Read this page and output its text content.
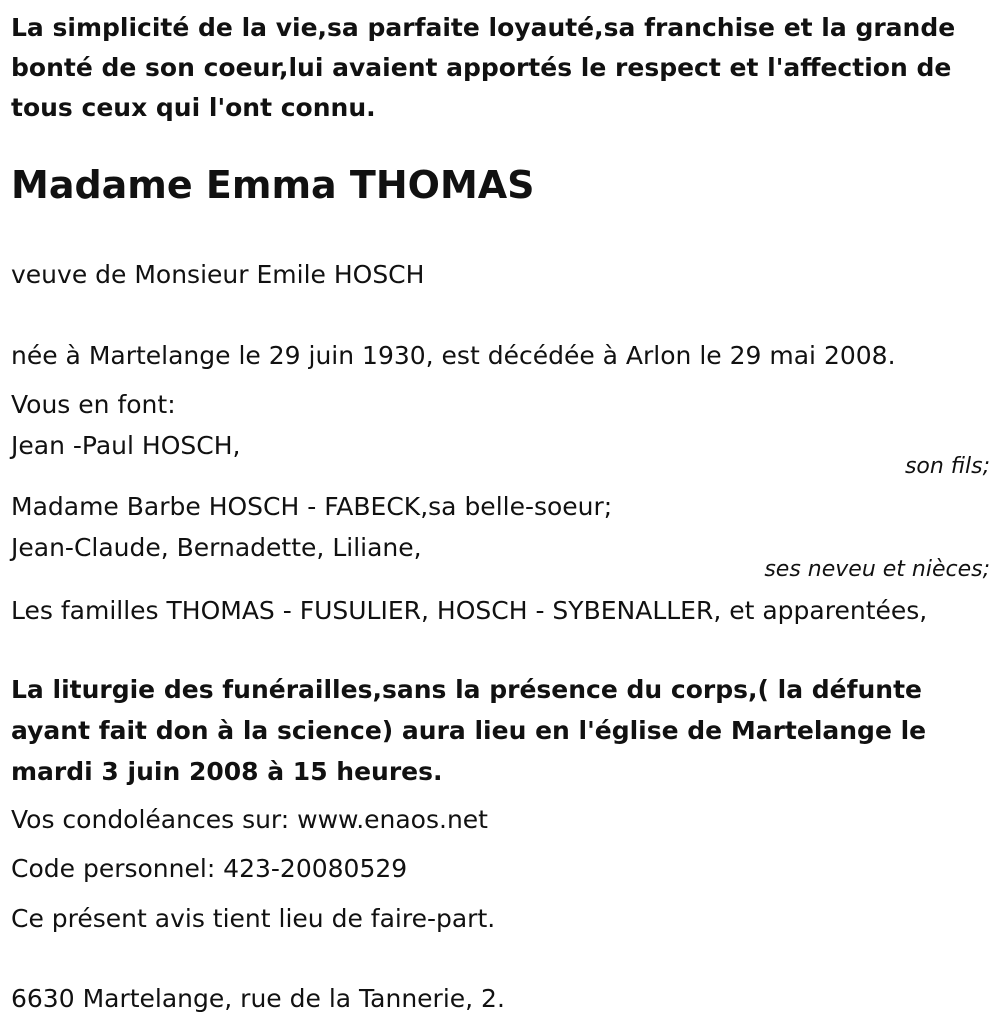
La simplicité de la vie,sa parfaite loyauté,sa franchise et la grande bonté de son coeur,lui avaient apportés le respect et l'affection de tous ceux qui l'ont connu.
Madame Emma THOMAS
veuve de Monsieur Emile HOSCH
née à Martelange le 29 juin 1930, est décédée à Arlon le 29 mai 2008.
Vous en font:
Jean -Paul HOSCH,
son fils;
Madame Barbe HOSCH - FABECK,sa belle-soeur;
Jean-Claude, Bernadette, Liliane,
ses neveu et nièces;
Les familles THOMAS - FUSULIER, HOSCH - SYBENALLER, et apparentées,
La liturgie des funérailles,sans la présence du corps,( la défunte ayant fait don à la science) aura lieu en l'église de Martelange le mardi 3 juin 2008 à 15 heures.
Vos condoléances sur: www.enaos.net
Code personnel: 423-20080529
Ce présent avis tient lieu de faire-part.
6630 Martelange, rue de la Tannerie, 2.
